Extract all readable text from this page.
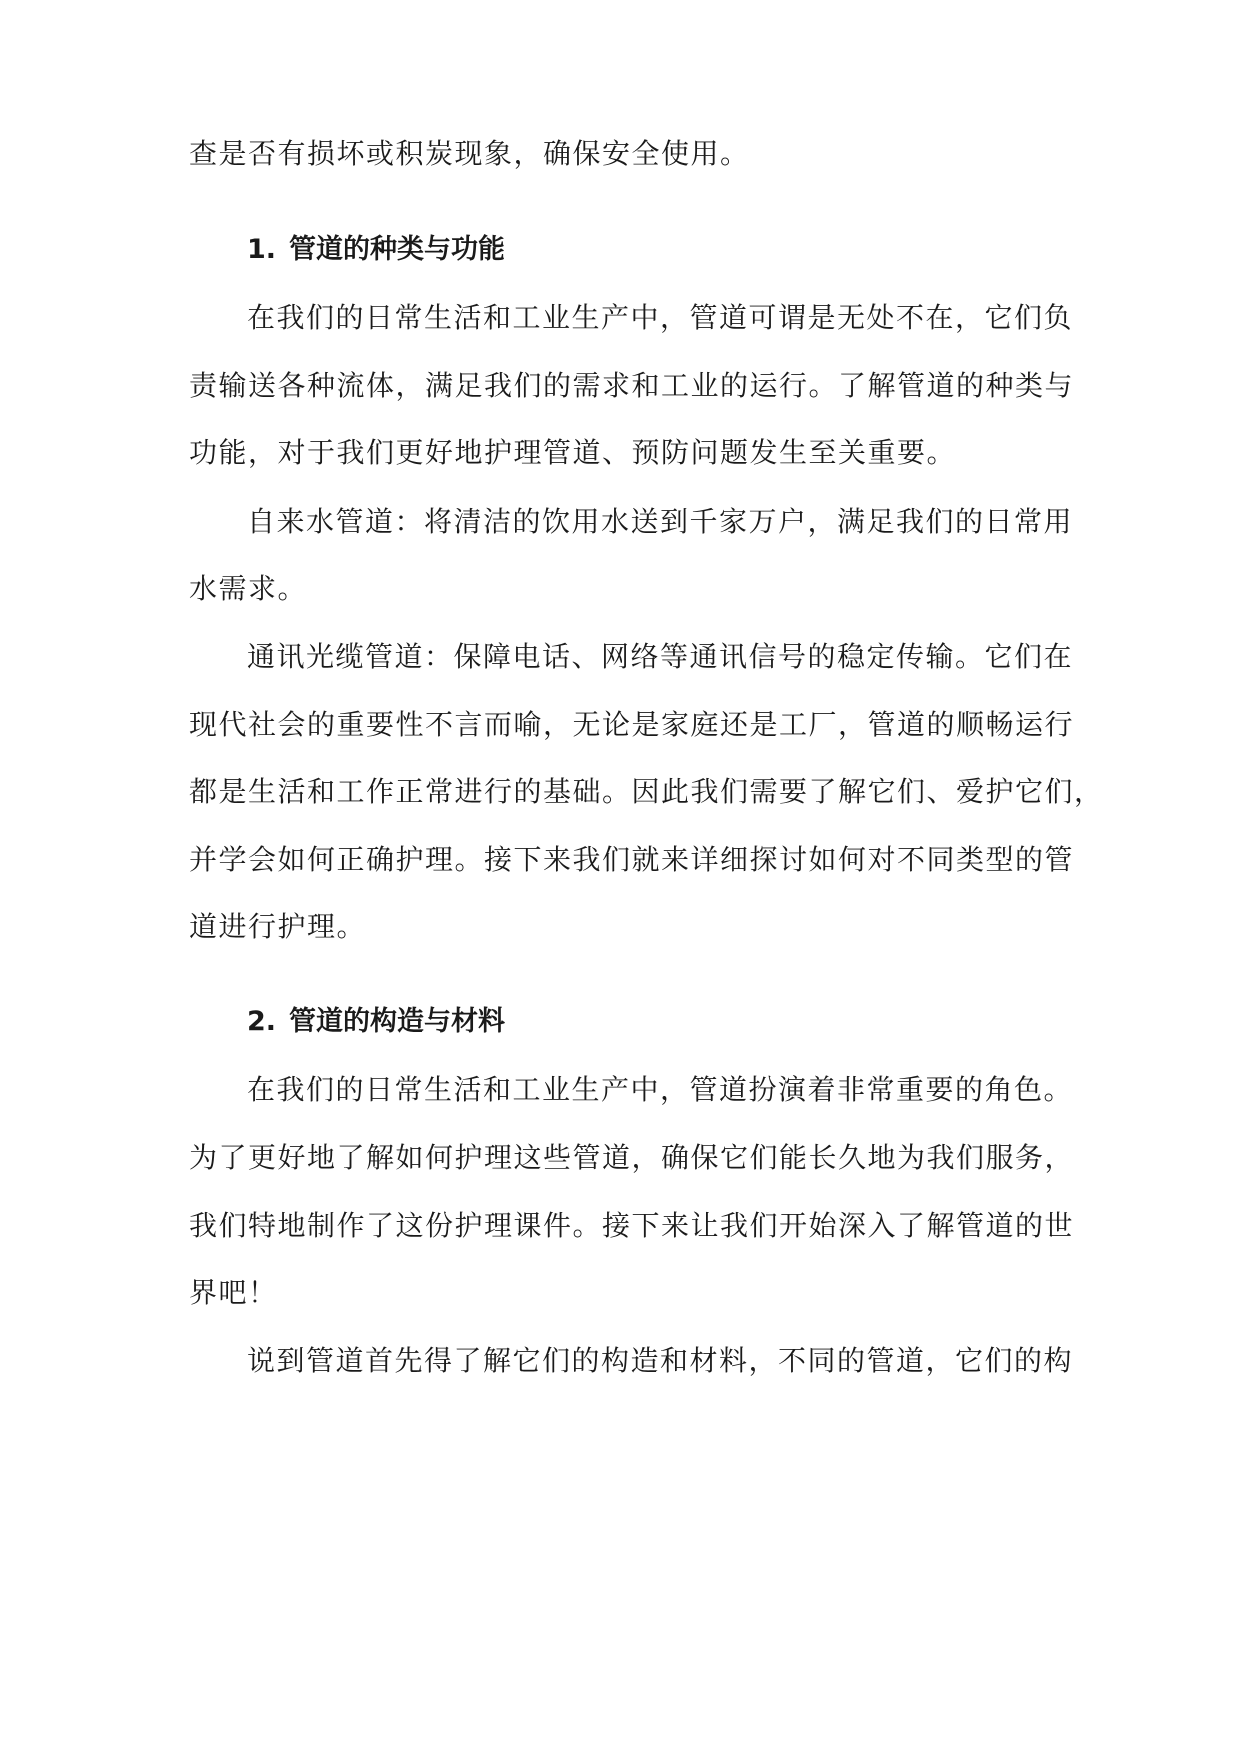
查是否有损坏或积炭现象，确保安全使用。
1. 管道的种类与功能
在我们的日常生活和工业生产中，管道可谓是无处不在，它们负
责输送各种流体，满足我们的需求和工业的运行。了解管道的种类与
功能，对于我们更好地护理管道、预防问题发生至关重要。
自来水管道：将清洁的饮用水送到千家万户，满足我们的日常用
水需求。
通讯光缆管道：保障电话、网络等通讯信号的稳定传输。它们在
现代社会的重要性不言而喻，无论是家庭还是工厂，管道的顺畅运行
都是生活和工作正常进行的基础。因此我们需要了解它们、爱护它们，
并学会如何正确护理。接下来我们就来详细探讨如何对不同类型的管
道进行护理。
2. 管道的构造与材料
在我们的日常生活和工业生产中，管道扮演着非常重要的角色。
为了更好地了解如何护理这些管道，确保它们能长久地为我们服务，
我们特地制作了这份护理课件。接下来让我们开始深入了解管道的世
界吧！
说到管道首先得了解它们的构造和材料，不同的管道，它们的构
